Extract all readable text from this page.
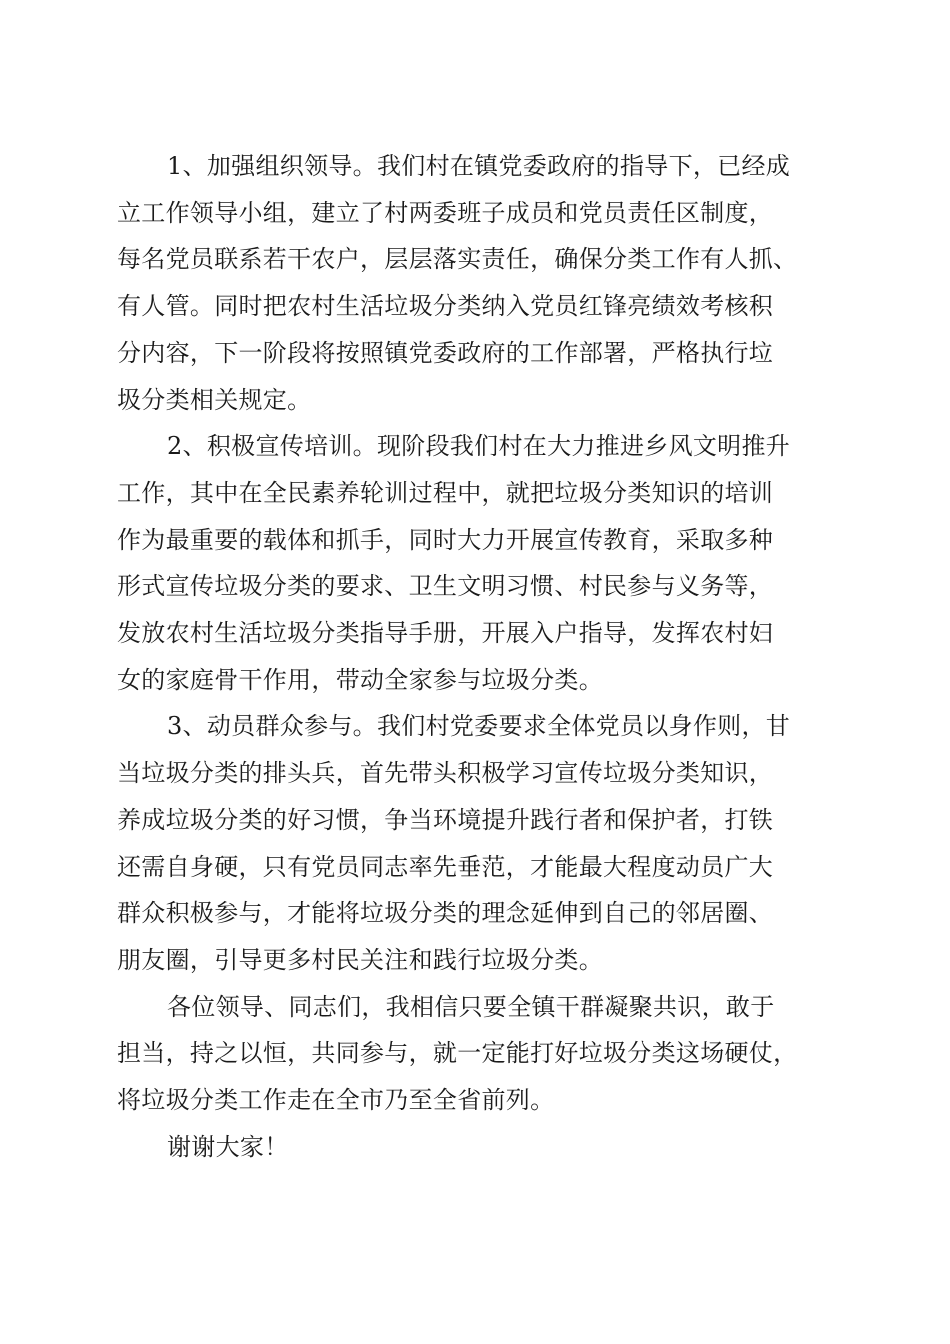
1、加强组织领导。我们村在镇党委政府的指导下，已经成
立工作领导小组，建立了村两委班子成员和党员责任区制度，
每名党员联系若干农户，层层落实责任，确保分类工作有人抓、
有人管。同时把农村生活垃圾分类纳入党员红锋亮绩效考核积
分内容，下一阶段将按照镇党委政府的工作部署，严格执行垃
圾分类相关规定。
2、积极宣传培训。现阶段我们村在大力推进乡风文明推升
工作，其中在全民素养轮训过程中，就把垃圾分类知识的培训
作为最重要的载体和抓手，同时大力开展宣传教育，采取多种
形式宣传垃圾分类的要求、卫生文明习惯、村民参与义务等，
发放农村生活垃圾分类指导手册，开展入户指导，发挥农村妇
女的家庭骨干作用，带动全家参与垃圾分类。
3、动员群众参与。我们村党委要求全体党员以身作则，甘
当垃圾分类的排头兵，首先带头积极学习宣传垃圾分类知识，
养成垃圾分类的好习惯，争当环境提升践行者和保护者，打铁
还需自身硬，只有党员同志率先垂范，才能最大程度动员广大
群众积极参与，才能将垃圾分类的理念延伸到自己的邻居圈、
朋友圈，引导更多村民关注和践行垃圾分类。
各位领导、同志们，我相信只要全镇干群凝聚共识，敢于
担当，持之以恒，共同参与，就一定能打好垃圾分类这场硬仗，
将垃圾分类工作走在全市乃至全省前列。
谢谢大家！
